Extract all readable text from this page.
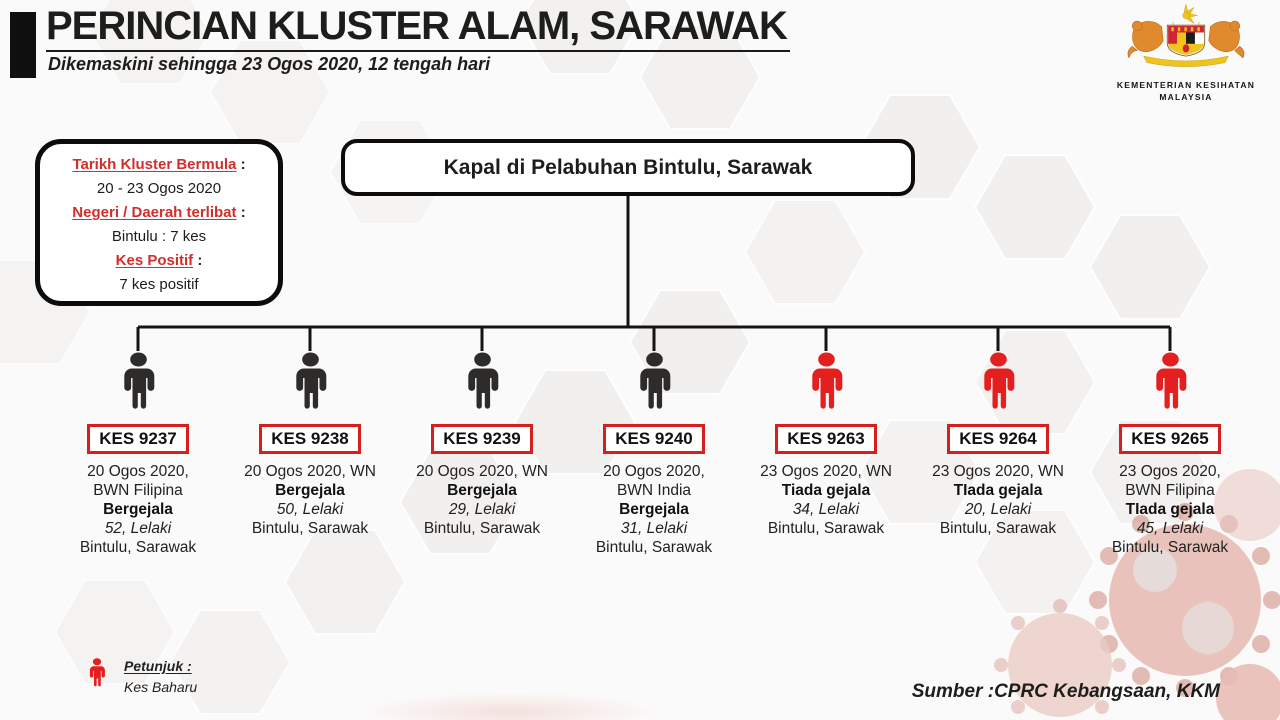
PERINCIAN KLUSTER ALAM, SARAWAK
Dikemaskini sehingga 23 Ogos 2020, 12 tengah hari
KEMENTERIAN KESIHATAN
MALAYSIA
Tarikh Kluster Bermula :
20 - 23 Ogos 2020
Negeri / Daerah terlibat :
Bintulu : 7 kes
Kes Positif :
7 kes positif
Kapal di Pelabuhan Bintulu, Sarawak
KES 9237
20 Ogos 2020,
BWN Filipina
Bergejala
52, Lelaki
Bintulu, Sarawak
KES 9238
20 Ogos 2020, WN
Bergejala
50, Lelaki
Bintulu, Sarawak
KES 9239
20 Ogos 2020, WN
Bergejala
29, Lelaki
Bintulu, Sarawak
KES 9240
20 Ogos 2020,
BWN India
Bergejala
31, Lelaki
Bintulu, Sarawak
KES 9263
23 Ogos 2020, WN
Tiada gejala
34, Lelaki
Bintulu, Sarawak
KES 9264
23 Ogos 2020, WN
TIada gejala
20, Lelaki
Bintulu, Sarawak
KES 9265
23 Ogos 2020,
BWN Filipina
TIada gejala
45, Lelaki
Bintulu, Sarawak
Petunjuk :
Kes Baharu	Sumber :CPRC Kebangsaan, KKM
